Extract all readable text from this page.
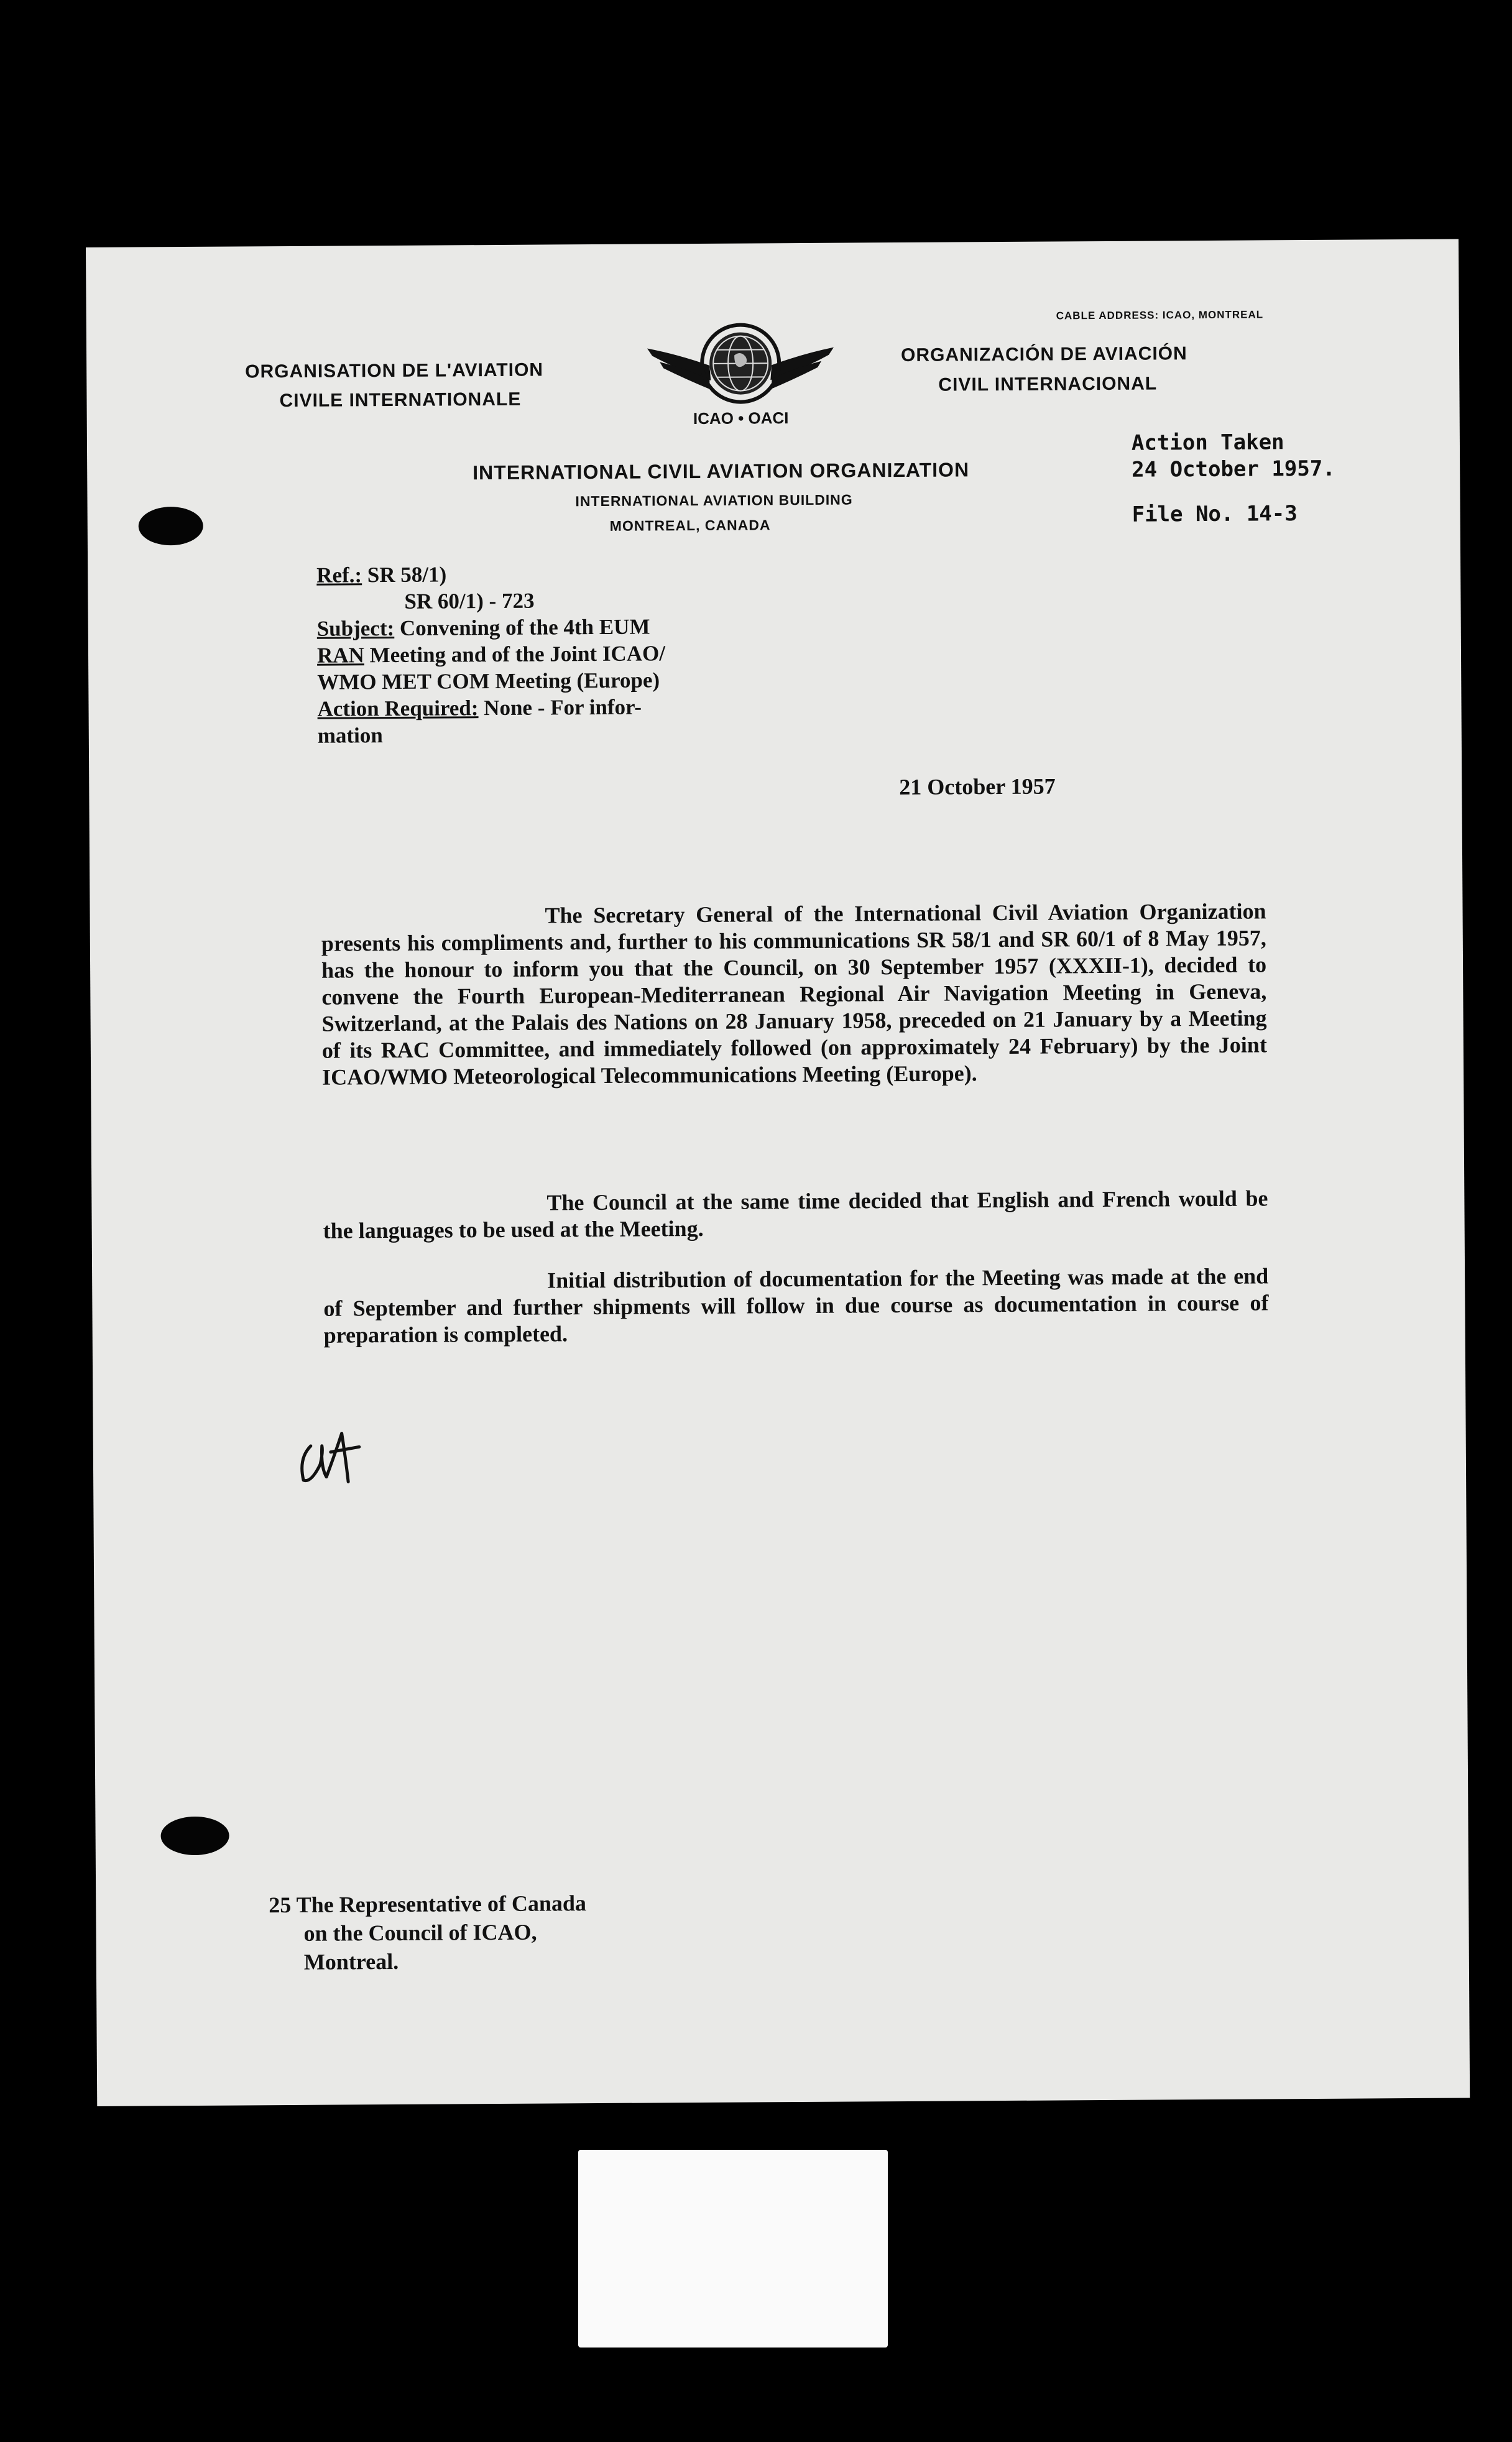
CABLE ADDRESS: ICAO, MONTREAL
ORGANISATION DE L'AVIATION
CIVILE INTERNATIONALE
ORGANIZACIÓN DE AVIACIÓN
CIVIL INTERNACIONAL
ICAO • OACI
INTERNATIONAL CIVIL AVIATION ORGANIZATION
INTERNATIONAL AVIATION BUILDING
MONTREAL, CANADA
Action Taken
24 October 1957.
File No. 14-3
Ref.: SR 58/1)
SR 60/1) - 723
Subject: Convening of the 4th EUM
RAN Meeting and of the Joint ICAO/
WMO MET COM Meeting (Europe)
Action Required: None - For infor-
mation
21 October 1957

The Secretary General of the International Civil Aviation Organization presents his compliments and, further to his communications SR 58/1 and SR 60/1 of 8 May 1957, has the honour to inform you that the Council, on 30 September 1957 (XXXII-1), decided to convene the Fourth European-Mediterranean Regional Air Navigation Meeting in Geneva, Switzerland, at the Palais des Nations on 28 January 1958, preceded on 21 January by a Meeting of its RAC Committee, and immediately followed (on approximately 24 February) by the Joint ICAO/WMO Meteorological Telecommunications Meeting (Europe).

The Council at the same time decided that English and French would be the languages to be used at the Meeting.

Initial distribution of documentation for the Meeting was made at the end of September and further shipments will follow in due course as documentation in course of preparation is completed.

25 The Representative of Canada
on the Council of ICAO,
Montreal.
